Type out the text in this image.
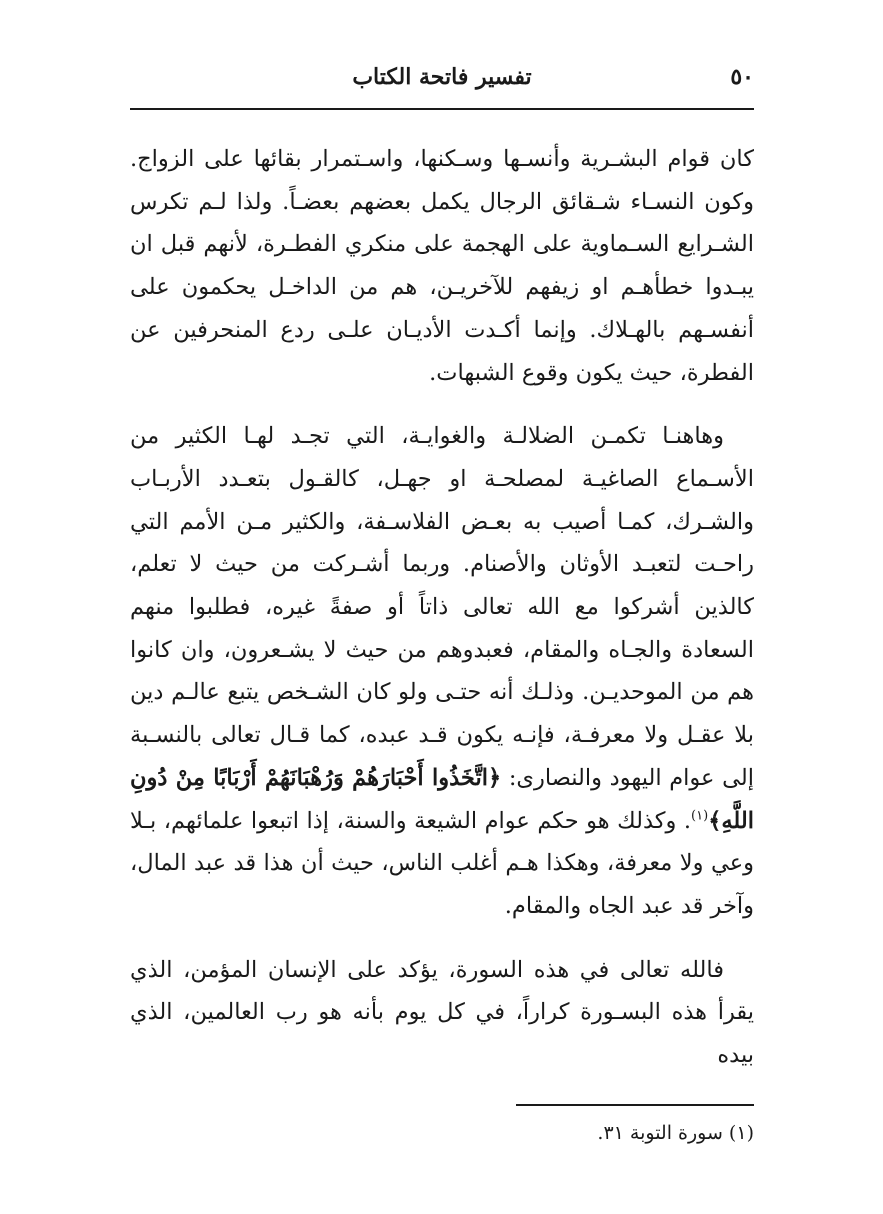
٥٠
تفسير فاتحة الكتاب

كان قوام البشـرية وأنسـها وسـكنها، واسـتمرار بقائها على الزواج. وكون النسـاء شـقائق الرجال يكمل بعضهم بعضـاً. ولذا لـم تكرس الشـرايع السـماوية على الهجمة على منكري الفطـرة، لأنهم قبل ان يبـدوا خطأهـم او زيفهم للآخريـن، هم من الداخـل يحكمون على أنفسـهم بالهـلاك. وإنما أكـدت الأديـان علـى ردع المنحرفين عن الفطرة، حيث يكون وقوع الشبهات.

وهاهنـا تكمـن الضلالـة والغوايـة، التي تجـد لهـا الكثير من الأسـماع الصاغيـة لمصلحـة او جهـل، كالقـول بتعـدد الأربـاب والشـرك، كمـا أصيب به بعـض الفلاسـفة، والكثير مـن الأمم التي راحـت لتعبـد الأوثان والأصنام. وربما أشـركت من حيث لا تعلم، كالذين أشركوا مع الله تعالى ذاتاً أو صفةً غيره، فطلبوا منهم السعادة والجـاه والمقام، فعبدوهم من حيث لا يشـعرون، وان كانوا هم من الموحديـن. وذلـك أنه حتـى ولو كان الشـخص يتبع عالـم دين بلا عقـل ولا معرفـة، فإنـه يكون قـد عبده، كما قـال تعالى بالنسـبة إلى عوام اليهود والنصارى: ﴿اتَّخَذُوا أَحْبَارَهُمْ وَرُهْبَانَهُمْ أَرْبَابًا مِنْ دُونِ اللَّهِ﴾$^{(١)}$. وكذلك هو حكم عوام الشيعة والسنة، إذا اتبعوا علمائهم، بـلا وعي ولا معرفة، وهكذا هـم أغلب الناس، حيث أن هذا قد عبد المال، وآخر قد عبد الجاه والمقام.

فالله تعالى في هذه السورة، يؤكد على الإنسان المؤمن، الذي يقرأ هذه البسـورة كراراً، في كل يوم بأنه هو رب العالمين، الذي بيده

(١) سورة التوبة ٣١.
